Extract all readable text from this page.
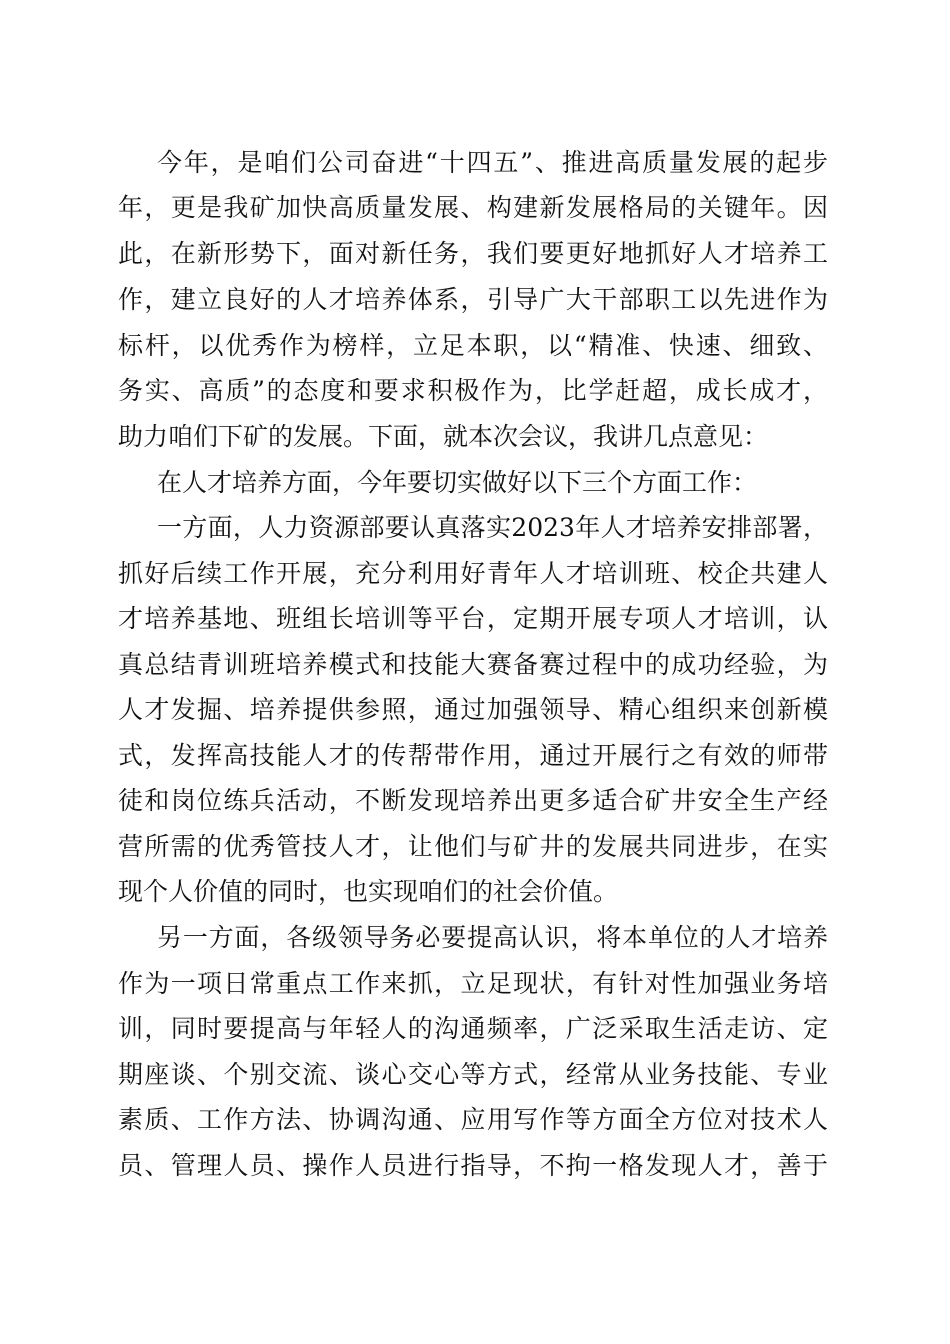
今年，是咱们公司奋进“十四五”、推进高质量发展的起步
年，更是我矿加快高质量发展、构建新发展格局的关键年。因
此，在新形势下，面对新任务，我们要更好地抓好人才培养工
作，建立良好的人才培养体系，引导广大干部职工以先进作为
标杆，以优秀作为榜样，立足本职，以“精准、快速、细致、
务实、高质”的态度和要求积极作为，比学赶超，成长成才，
助力咱们下矿的发展。下面，就本次会议，我讲几点意见：
在人才培养方面，今年要切实做好以下三个方面工作：
一方面，人力资源部要认真落实2023年人才培养安排部署，
抓好后续工作开展，充分利用好青年人才培训班、校企共建人
才培养基地、班组长培训等平台，定期开展专项人才培训，认
真总结青训班培养模式和技能大赛备赛过程中的成功经验，为
人才发掘、培养提供参照，通过加强领导、精心组织来创新模
式，发挥高技能人才的传帮带作用，通过开展行之有效的师带
徒和岗位练兵活动，不断发现培养出更多适合矿井安全生产经
营所需的优秀管技人才，让他们与矿井的发展共同进步，在实
现个人价值的同时，也实现咱们的社会价值。
另一方面，各级领导务必要提高认识，将本单位的人才培养
作为一项日常重点工作来抓，立足现状，有针对性加强业务培
训，同时要提高与年轻人的沟通频率，广泛采取生活走访、定
期座谈、个别交流、谈心交心等方式，经常从业务技能、专业
素质、工作方法、协调沟通、应用写作等方面全方位对技术人
员、管理人员、操作人员进行指导，不拘一格发现人才，善于
